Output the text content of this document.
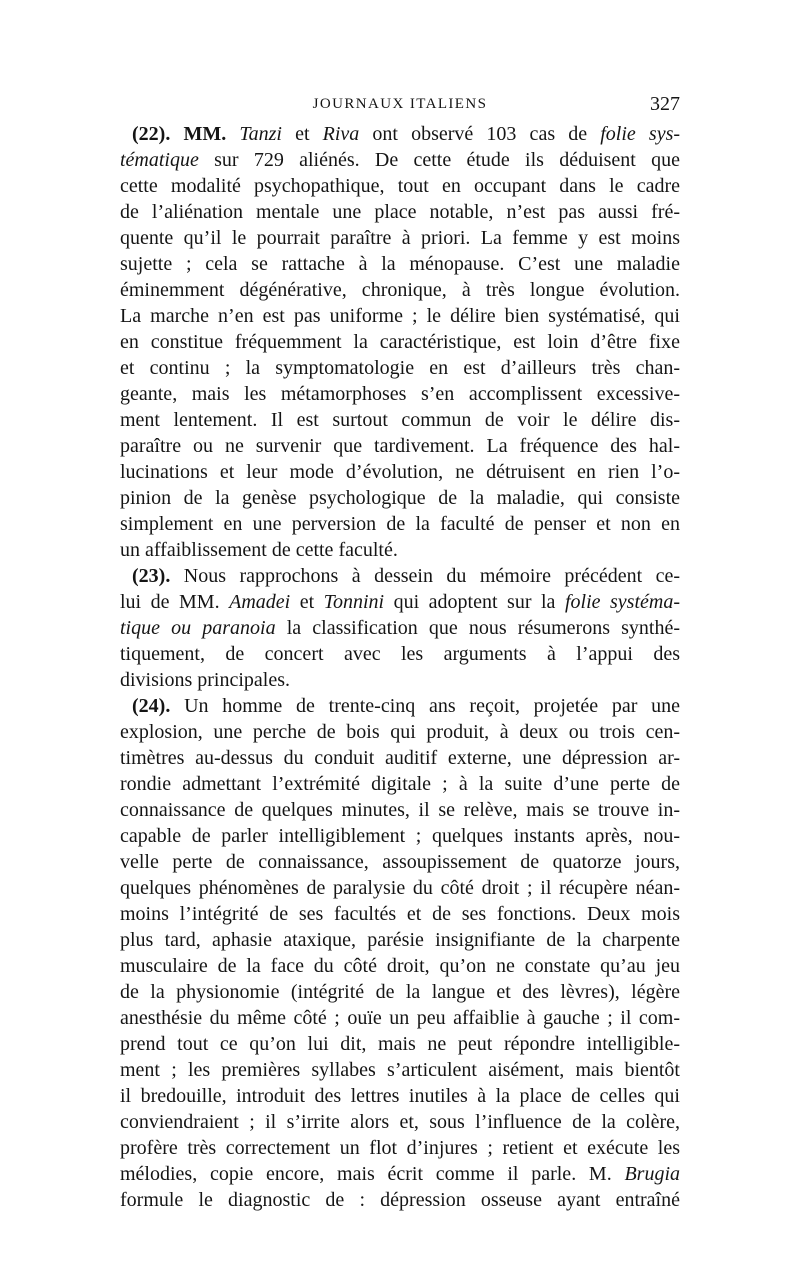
JOURNAUX ITALIENS	327
(22). MM. Tanzi et Riva ont observé 103 cas de folie sys-
tématique sur 729 aliénés. De cette étude ils déduisent que
cette modalité psychopathique, tout en occupant dans le cadre
de l’aliénation mentale une place notable, n’est pas aussi fré-
quente qu’il le pourrait paraître à priori. La femme y est moins
sujette ; cela se rattache à la ménopause. C’est une maladie
éminemment dégénérative, chronique, à très longue évolution.
La marche n’en est pas uniforme ; le délire bien systématisé, qui
en constitue fréquemment la caractéristique, est loin d’être fixe
et continu ; la symptomatologie en est d’ailleurs très chan-
geante, mais les métamorphoses s’en accomplissent excessive-
ment lentement. Il est surtout commun de voir le délire dis-
paraître ou ne survenir que tardivement. La fréquence des hal-
lucinations et leur mode d’évolution, ne détruisent en rien l’o-
pinion de la genèse psychologique de la maladie, qui consiste
simplement en une perversion de la faculté de penser et non en
un affaiblissement de cette faculté.
(23). Nous rapprochons à dessein du mémoire précédent ce-
lui de MM. Amadei et Tonnini qui adoptent sur la folie systéma-
tique ou paranoia la classification que nous résumerons synthé-
tiquement, de concert avec les arguments à l’appui des
divisions principales.
(24). Un homme de trente-cinq ans reçoit, projetée par une
explosion, une perche de bois qui produit, à deux ou trois cen-
timètres au-dessus du conduit auditif externe, une dépression ar-
rondie admettant l’extrémité digitale ; à la suite d’une perte de
connaissance de quelques minutes, il se relève, mais se trouve in-
capable de parler intelligiblement ; quelques instants après, nou-
velle perte de connaissance, assoupissement de quatorze jours,
quelques phénomènes de paralysie du côté droit ; il récupère néan-
moins l’intégrité de ses facultés et de ses fonctions. Deux mois
plus tard, aphasie ataxique, parésie insignifiante de la charpente
musculaire de la face du côté droit, qu’on ne constate qu’au jeu
de la physionomie (intégrité de la langue et des lèvres), légère
anesthésie du même côté ; ouïe un peu affaiblie à gauche ; il com-
prend tout ce qu’on lui dit, mais ne peut répondre intelligible-
ment ; les premières syllabes s’articulent aisément, mais bientôt
il bredouille, introduit des lettres inutiles à la place de celles qui
conviendraient ; il s’irrite alors et, sous l’influence de la colère,
profère très correctement un flot d’injures ; retient et exécute les
mélodies, copie encore, mais écrit comme il parle. M. Brugia
formule le diagnostic de : dépression osseuse ayant entraîné
